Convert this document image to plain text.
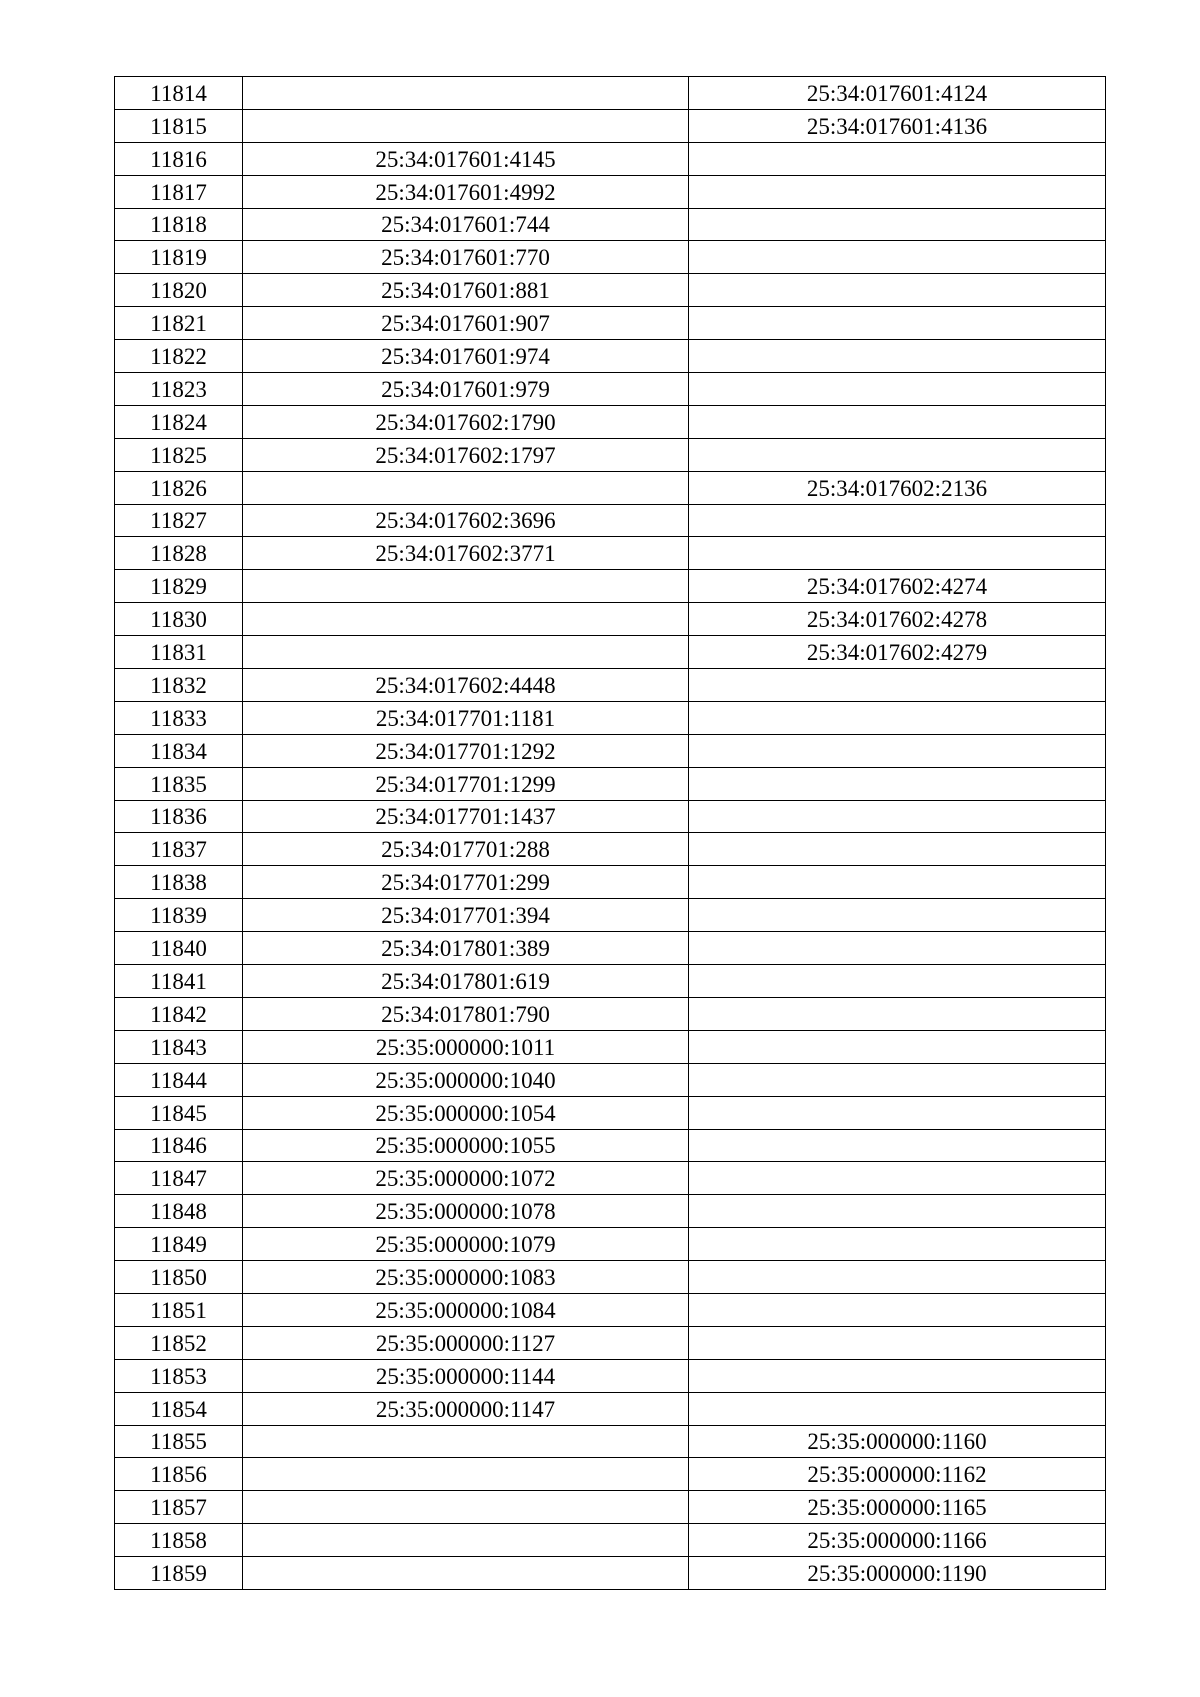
11814		25:34:017601:4124
11815		25:34:017601:4136
11816	25:34:017601:4145	
11817	25:34:017601:4992	
11818	25:34:017601:744	
11819	25:34:017601:770	
11820	25:34:017601:881	
11821	25:34:017601:907	
11822	25:34:017601:974	
11823	25:34:017601:979	
11824	25:34:017602:1790	
11825	25:34:017602:1797	
11826		25:34:017602:2136
11827	25:34:017602:3696	
11828	25:34:017602:3771	
11829		25:34:017602:4274
11830		25:34:017602:4278
11831		25:34:017602:4279
11832	25:34:017602:4448	
11833	25:34:017701:1181	
11834	25:34:017701:1292	
11835	25:34:017701:1299	
11836	25:34:017701:1437	
11837	25:34:017701:288	
11838	25:34:017701:299	
11839	25:34:017701:394	
11840	25:34:017801:389	
11841	25:34:017801:619	
11842	25:34:017801:790	
11843	25:35:000000:1011	
11844	25:35:000000:1040	
11845	25:35:000000:1054	
11846	25:35:000000:1055	
11847	25:35:000000:1072	
11848	25:35:000000:1078	
11849	25:35:000000:1079	
11850	25:35:000000:1083	
11851	25:35:000000:1084	
11852	25:35:000000:1127	
11853	25:35:000000:1144	
11854	25:35:000000:1147	
11855		25:35:000000:1160
11856		25:35:000000:1162
11857		25:35:000000:1165
11858		25:35:000000:1166
11859		25:35:000000:1190
